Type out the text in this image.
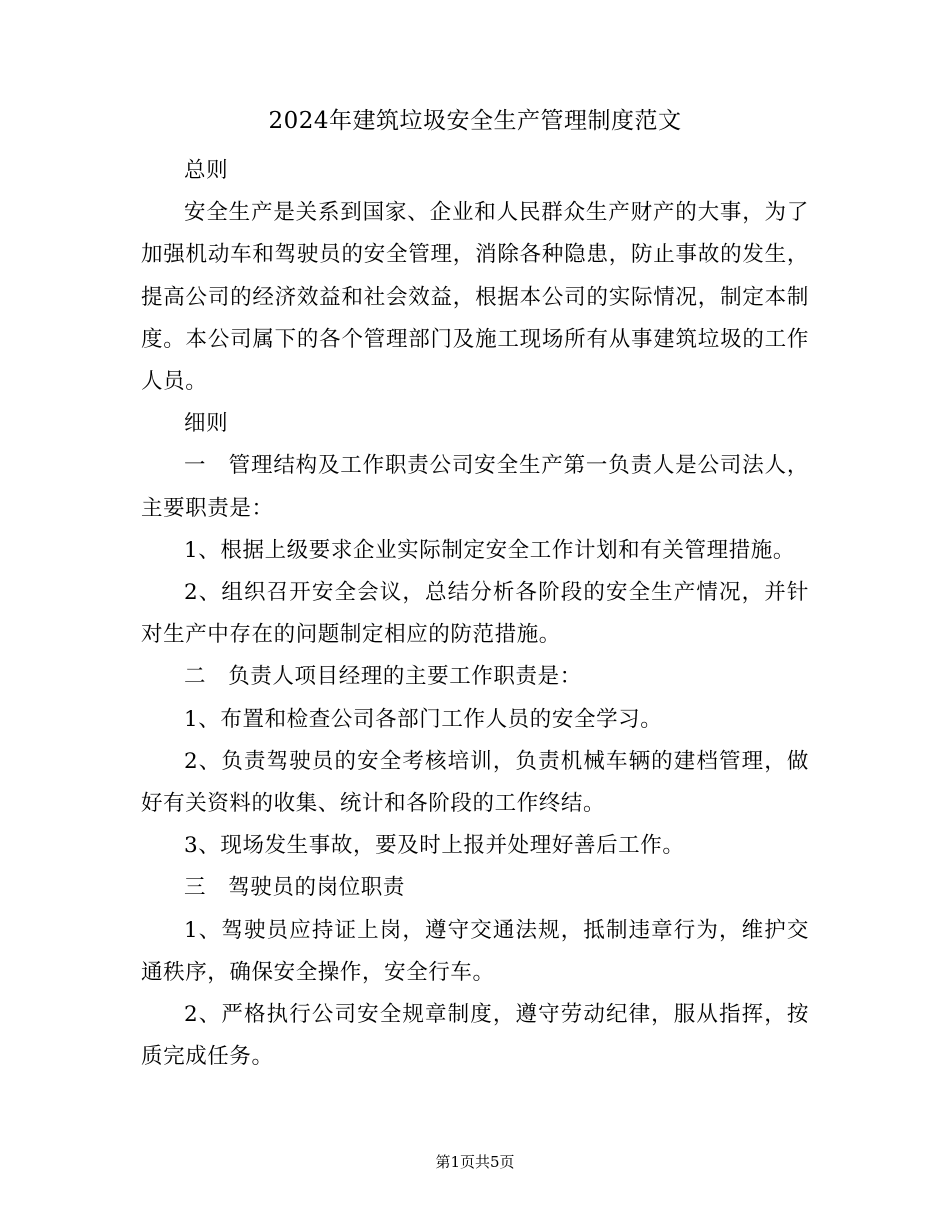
2024年建筑垃圾安全生产管理制度范文

总则

安全生产是关系到国家、企业和人民群众生产财产的大事，为了加强机动车和驾驶员的安全管理，消除各种隐患，防止事故的发生，提高公司的经济效益和社会效益，根据本公司的实际情况，制定本制度。本公司属下的各个管理部门及施工现场所有从事建筑垃圾的工作人员。

细则

一　管理结构及工作职责公司安全生产第一负责人是公司法人，主要职责是：

1、根据上级要求企业实际制定安全工作计划和有关管理措施。

2、组织召开安全会议，总结分析各阶段的安全生产情况，并针对生产中存在的问题制定相应的防范措施。

二　负责人项目经理的主要工作职责是：

1、布置和检查公司各部门工作人员的安全学习。

2、负责驾驶员的安全考核培训，负责机械车辆的建档管理，做好有关资料的收集、统计和各阶段的工作终结。

3、现场发生事故，要及时上报并处理好善后工作。

三　驾驶员的岗位职责

1、驾驶员应持证上岗，遵守交通法规，抵制违章行为，维护交通秩序，确保安全操作，安全行车。

2、严格执行公司安全规章制度，遵守劳动纪律，服从指挥，按质完成任务。

第1页共5页
